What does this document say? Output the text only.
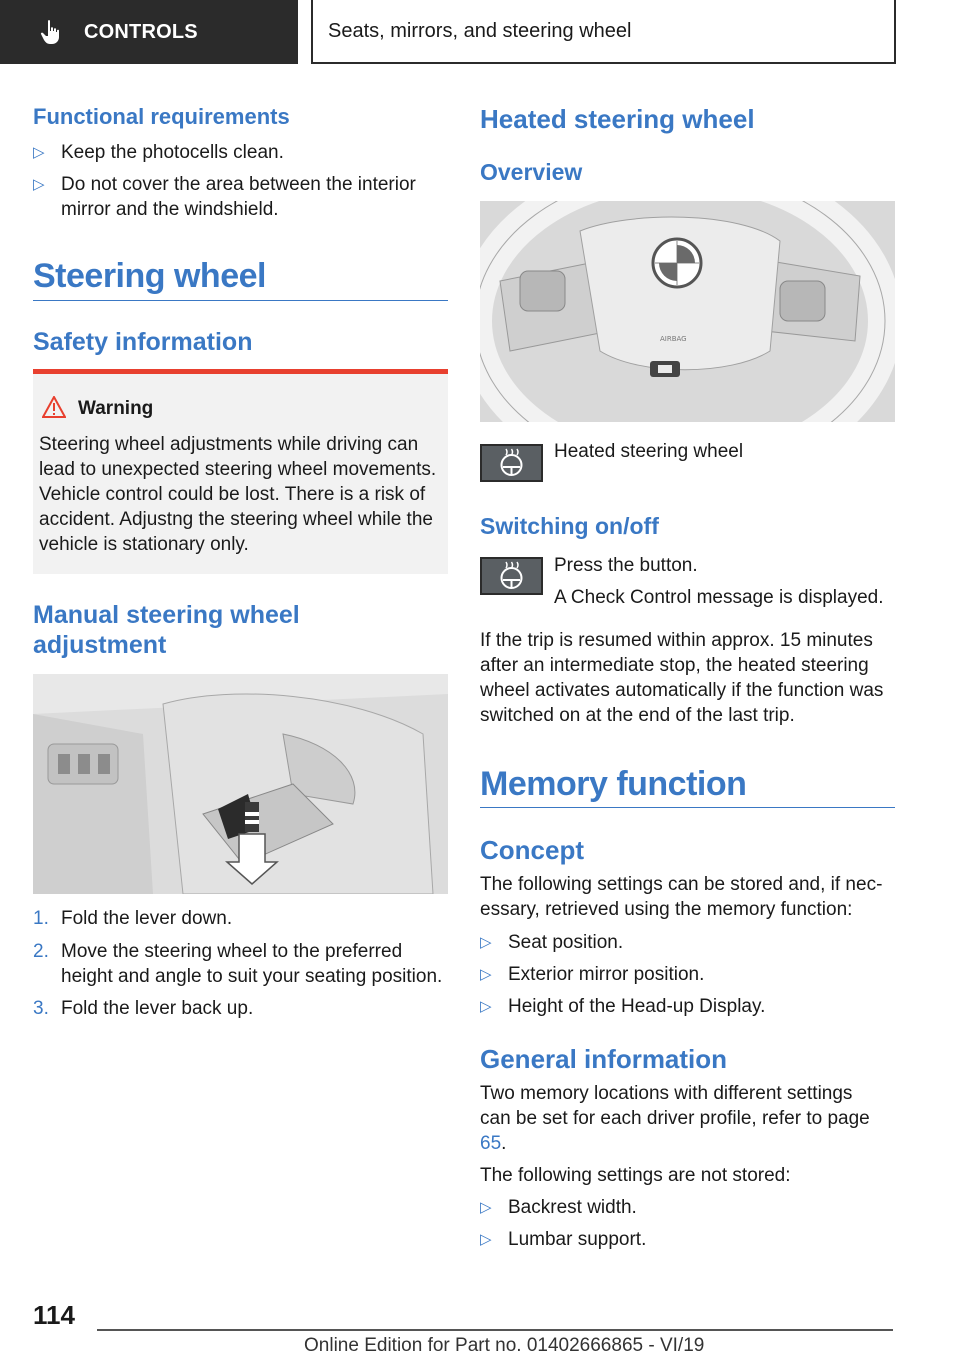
CONTROLS	Seats, mirrors, and steering wheel
Functional requirements
▷ Keep the photocells clean.
▷ Do not cover the area between the interior mirror and the windshield.
Steering wheel
Safety information
Warning
Steering wheel adjustments while driving can lead to unexpected steering wheel movements. Vehicle control could be lost. There is a risk of accident. Adjustng the steering wheel while the vehicle is stationary only.
Manual steering wheel
adjustment
1. Fold the lever down.
2. Move the steering wheel to the preferred height and angle to suit your seating position.
3. Fold the lever back up.
Heated steering wheel
Overview
AIRBAG
Heated steering wheel
Switching on/off
Press the button.
A Check Control message is displayed.
If the trip is resumed within approx. 15 minutes after an intermediate stop, the heated steering wheel activates automatically if the function was switched on at the end of the last trip.
Memory function
Concept
The following settings can be stored and, if necessary, retrieved using the memory function:
▷ Seat position.
▷ Exterior mirror position.
▷ Height of the Head-up Display.
General information
Two memory locations with different settings can be set for each driver profile, refer to page 65.
The following settings are not stored:
▷ Backrest width.
▷ Lumbar support.
114
Online Edition for Part no. 01402666865 - VI/19
